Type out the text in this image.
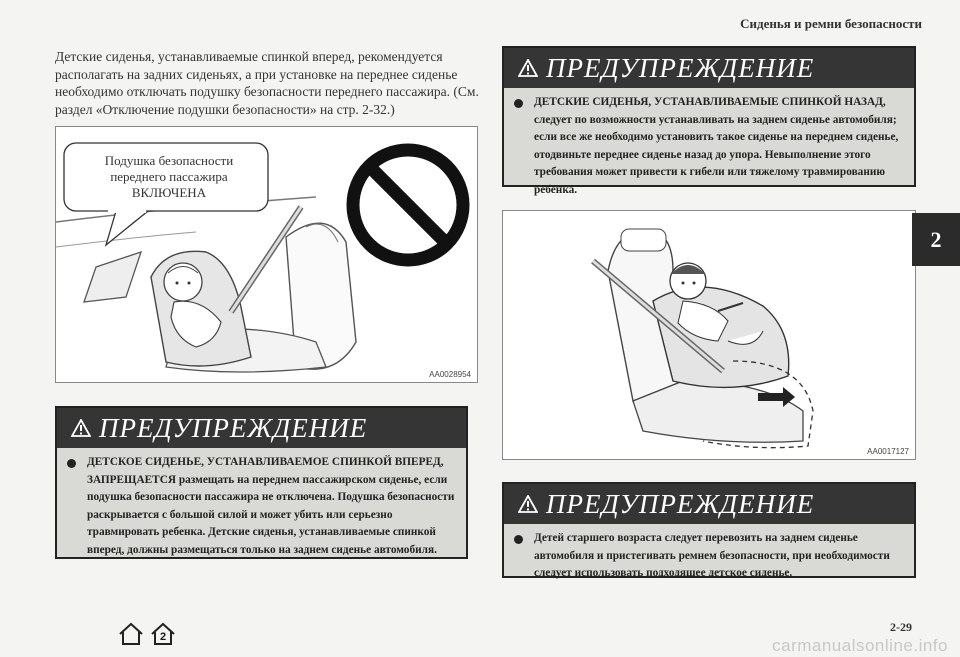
Сиденья и ремни безопасности
Детские сиденья, устанавливаемые спинкой вперед, рекомендуется располагать на задних сиденьях, а при установке на переднее сиденье необходимо отключать подушку безопасности переднего пассажира. (См. раздел «Отключение подушки безопасности» на стр. 2-32.)
Подушка безопасности переднего пассажира ВКЛЮЧЕНА
AA0028954
ПРЕДУПРЕЖДЕНИЕ
ДЕТСКИЕ СИДЕНЬЯ, УСТАНАВЛИВАЕМЫЕ СПИНКОЙ НАЗАД, следует по возможности устанавливать на заднем сиденье автомобиля; если все же необходимо установить такое сиденье на переднем сиденье, отодвиньте переднее сиденье назад до упора. Невыполнение этого требования может привести к гибели или тяжелому травмированию ребенка.
AA0017127
ПРЕДУПРЕЖДЕНИЕ
ДЕТСКОЕ СИДЕНЬЕ, УСТАНАВЛИВАЕМОЕ СПИНКОЙ ВПЕРЕД, ЗАПРЕЩАЕТСЯ размещать на переднем пассажирском сиденье, если подушка безопасности пассажира не отключена. Подушка безопасности раскрывается с большой силой и может убить или серьезно травмировать ребенка. Детские сиденья, устанавливаемые спинкой вперед, должны размещаться только на заднем сиденье автомобиля.
ПРЕДУПРЕЖДЕНИЕ
Детей старшего возраста следует перевозить на заднем сиденье автомобиля и пристегивать ремнем безопасности, при необходимости следует использовать подходящее детское сиденье.
2
2-29
2	carmanualsonline.info
